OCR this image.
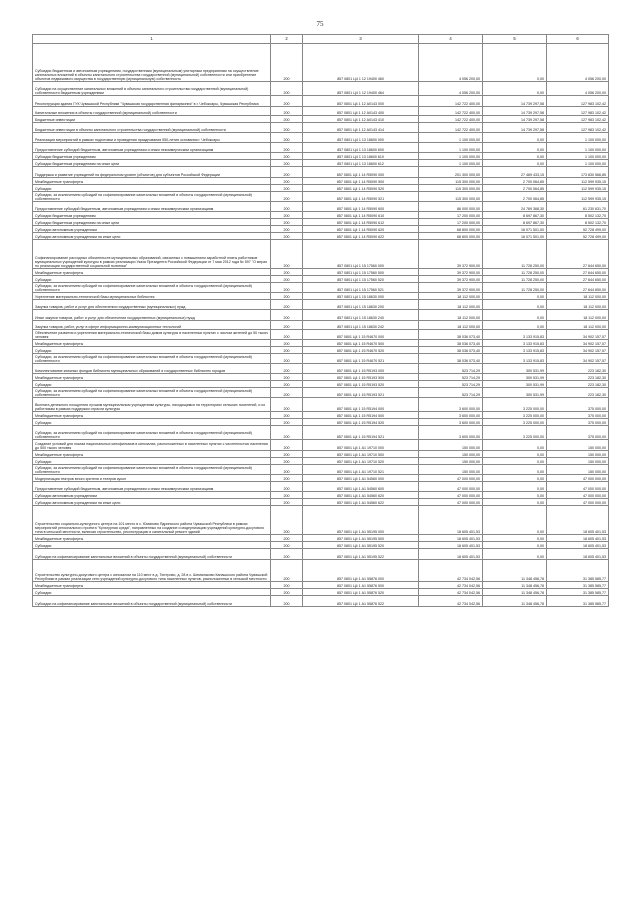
75
1	2	3	4	5	6
Субсидии бюджетным и автономным учреждениям, государственным (муниципальным) унитарным предприятиям на осуществление капитальных вложений в объекты капитального строительства государственной (муниципальной) собственности или приобретение объектов недвижимого имущества в государственную (муниципальную) собственность	200	857 0801 Ц4 1 12 19400 460	4 056 200,00	0,00	4 056 200,00
Субсидии на осуществление капитальных вложений в объекты капитального строительства государственной (муниципальной) собственности бюджетным учреждениям	200	857 0801 Ц4 1 12 19400 464	4 056 200,00	0,00	4 056 200,00
Реконструкция здания ГУК Чувашской Республики "Чувашская государственная филармония" в г. Чебоксары, Чувашская Республика	200	857 0801 Ц4 1 12 А0143 000	142 722 400,00	14 739 297,58	127 983 102,42
Капитальные вложения в объекты государственной (муниципальной) собственности	200	857 0801 Ц4 1 12 А0143 400	142 722 400,00	14 739 297,58	127 983 102,42
Бюджетные инвестиции	200	857 0801 Ц4 1 12 А0143 410	142 722 400,00	14 739 297,58	127 983 102,42
Бюджетные инвестиции в объекты капитального строительства государственной (муниципальной) собственности	200	857 0801 Ц4 1 12 А0143 414	142 722 400,00	14 739 297,58	127 983 102,42
Реализация мероприятий в рамках подготовки и проведения празднования 550-летия основания г. Чебоксары	200	857 0801 Ц4 1 13 18600 000	1 100 000,00	0,00	1 100 000,00
Предоставление субсидий бюджетным, автономным учреждениям и иным некоммерческим организациям	200	857 0801 Ц4 1 13 18600 600	1 100 000,00	0,00	1 100 000,00
Субсидии бюджетным учреждениям	200	857 0801 Ц4 1 13 18600 610	1 100 000,00	0,00	1 100 000,00
Субсидии бюджетным учреждениям на иные цели	200	857 0801 Ц4 1 13 18600 612	1 100 000,00	0,00	1 100 000,00
Поддержка и развитие учреждений на федеральном уровне (объектов) для субъектов Российской Федерации	200	857 0801 Ц4 1 14 R5090 000	201 300 000,00	27 469 433,15	173 830 566,85
Межбюджетные трансферты	200	857 0801 Ц4 1 14 R5090 500	115 300 000,00	2 700 064,85	112 599 935,15
Субсидии	200	857 0801 Ц4 1 14 R5090 520	115 300 000,00	2 700 064,85	112 599 935,15
Субсидии, за исключением субсидий на софинансирование капитальных вложений в объекты государственной (муниципальной) собственности	200	857 0801 Ц4 1 14 R5090 521	115 300 000,00	2 700 064,85	112 599 935,15
Предоставление субсидий бюджетным, автономным учреждениям и иным некоммерческим организациям	200	857 0801 Ц4 1 14 R5090 600	86 000 000,00	24 769 368,30	61 230 631,70
Субсидии бюджетным учреждениям	200	857 0801 Ц4 1 14 R5090 610	17 200 000,00	8 697 867,30	8 502 132,70
Субсидии бюджетным учреждениям на иные цели	200	857 0801 Ц4 1 14 R5090 612	17 200 000,00	8 697 867,30	8 502 132,70
Субсидии автономным учреждениям	200	857 0801 Ц4 1 14 R5090 620	68 800 000,00	16 071 501,00	52 728 499,00
Субсидии автономным учреждениям на иные цели	200	857 0801 Ц4 1 14 R5090 622	68 800 000,00	16 071 501,00	52 728 499,00
Софинансирование расходных обязательств муниципальных образований, связанных с повышением заработной платы работников муниципальных учреждений культуры в рамках реализации Указа Президента Российской Федерации от 7 мая 2012 года № 597 "О мерах по реализации государственной социальной политики"	200	857 0801 Ц4 1 15 17560 000	39 372 900,00	11 728 250,00	27 644 650,00
Межбюджетные трансферты	200	857 0801 Ц4 1 15 17560 500	39 372 900,00	11 728 250,00	27 644 650,00
Субсидии	200	857 0801 Ц4 1 15 17560 520	39 372 900,00	11 728 250,00	27 644 650,00
Субсидии, за исключением субсидий на софинансирование капитальных вложений в объекты государственной (муниципальной) собственности	200	857 0801 Ц4 1 15 17560 521	39 372 900,00	11 728 250,00	27 644 650,00
Укрепление материально-технической базы муниципальных библиотек	200	857 0801 Ц4 1 15 18630 000	18 112 000,00	0,00	18 112 000,00
Закупка товаров, работ и услуг для обеспечения государственных (муниципальных) нужд	200	857 0801 Ц4 1 15 18630 200	18 112 000,00	0,00	18 112 000,00
Иные закупки товаров, работ и услуг для обеспечения государственных (муниципальных) нужд	200	857 0801 Ц4 1 15 18630 240	18 112 000,00	0,00	18 112 000,00
Закупка товаров, работ, услуг в сфере информационно-коммуникационных технологий	200	857 0801 Ц4 1 15 18630 242	18 112 000,00	0,00	18 112 000,00
Обеспечение развития и укрепления материально-технической базы домов культуры в населенных пунктах с числом жителей до 50 тысяч человек	200	857 0801 Ц4 1 15 R4670 000	38 036 073,40	3 133 915,83	34 902 157,57
Межбюджетные трансферты	200	857 0801 Ц4 1 15 R4670 500	38 036 073,40	3 133 915,83	34 902 157,57
Субсидии	200	857 0801 Ц4 1 15 R4670 520	38 036 073,40	3 133 915,83	34 902 157,57
Субсидии, за исключением субсидий на софинансирование капитальных вложений в объекты государственной (муниципальной) собственности	200	857 0801 Ц4 1 15 R4670 521	38 036 073,40	3 133 915,83	34 902 157,57
Комплектование книжных фондов библиотек муниципальных образований и государственных библиотек городов	200	857 0801 Ц4 1 15 R5193 000	523 714,29	300 531,99	223 182,30
Межбюджетные трансферты	200	857 0801 Ц4 1 15 R5193 500	523 714,29	300 531,99	223 182,30
Субсидии	200	857 0801 Ц4 1 15 R5193 520	523 714,29	300 531,99	223 182,30
Субсидии, за исключением субсидий на софинансирование капитальных вложений в объекты государственной (муниципальной) собственности	200	857 0801 Ц4 1 15 R5193 521	523 714,29	300 531,99	223 182,30
Выплата денежного поощрения лучшим муниципальным учреждениям культуры, находящимся на территориях сельских поселений, и их работникам в рамках поддержки отрасли культуры	200	857 0801 Ц4 1 15 R5194 000	3 600 000,00	3 225 000,00	375 000,00
Межбюджетные трансферты	200	857 0801 Ц4 1 15 R5194 500	3 600 000,00	3 225 000,00	375 000,00
Субсидии	200	857 0801 Ц4 1 15 R5194 520	3 600 000,00	3 225 000,00	375 000,00
Субсидии, за исключением субсидий на софинансирование капитальных вложений в объекты государственной (муниципальной) собственности	200	857 0801 Ц4 1 15 R5194 521	3 600 000,00	3 225 000,00	375 000,00
Создание условий для показа национальных кинофильмов в кинозалах, расположенных в населенных пунктах с численностью населения до 500 тысяч человек	200	857 0801 Ц4 1 А1 19710 000	150 000,00	0,00	150 000,00
Межбюджетные трансферты	200	857 0801 Ц4 1 А1 19710 500	150 000,00	0,00	150 000,00
Субсидии	200	857 0801 Ц4 1 А1 19710 520	150 000,00	0,00	150 000,00
Субсидии, за исключением субсидий на софинансирование капитальных вложений в объекты государственной (муниципальной) собственности	200	857 0801 Ц4 1 А1 19710 521	150 000,00	0,00	150 000,00
Модернизация театров юного зрителя и театров кукол	200	857 0801 Ц4 1 А1 54560 000	47 000 000,00	0,00	47 000 000,00
Предоставление субсидий бюджетным, автономным учреждениям и иным некоммерческим организациям	200	857 0801 Ц4 1 А1 54560 600	47 000 000,00	0,00	47 000 000,00
Субсидии автономным учреждениям	200	857 0801 Ц4 1 А1 54560 620	47 000 000,00	0,00	47 000 000,00
Субсидии автономным учреждениям на иные цели	200	857 0801 Ц4 1 А1 54560 622	47 000 000,00	0,00	47 000 000,00
Строительство социально-культурного центра на 101 место в с. Юманово Ядринского района Чувашской Республики в рамках мероприятий регионального проекта "Культурная среда", направленных на создание и модернизацию учреждений культурно-досугового типа в сельской местности, включая строительство, реконструкцию и капитальный ремонт зданий	200	857 0801 Ц4 1 А1 55195 000	18 605 401,53	0,00	18 605 401,53
Межбюджетные трансферты	200	857 0801 Ц4 1 А1 55195 500	18 605 401,53	0,00	18 605 401,53
Субсидии	200	857 0801 Ц4 1 А1 55195 520	18 605 401,53	0,00	18 605 401,53
Субсидии на софинансирование капитальных вложений в объекты государственной (муниципальной) собственности	200	857 0801 Ц4 1 А1 55195 522	18 605 401,53	0,00	18 605 401,53
Строительство культурно-досугового центра с кинозалом на 110 мест в д. Тюгерово, д. 28 в с. Шемалаково Канашского района Чувашской Республики в рамках реализации сети учреждений культурно-досугового типа населенных пунктов, расположенных в сельской местности	200	857 0801 Ц4 1 А1 55876 000	42 734 042,56	11 348 456,78	31 385 585,77
Межбюджетные трансферты	200	857 0801 Ц4 1 А1 55876 500	42 734 042,56	11 348 456,78	31 385 585,77
Субсидии	200	857 0801 Ц4 1 А1 55876 520	42 734 042,56	11 348 456,78	31 385 585,77
Субсидии на софинансирование капитальных вложений в объекты государственной (муниципальной) собственности	200	857 0801 Ц4 1 А1 55876 522	42 734 042,56	11 348 456,78	31 385 585,77
